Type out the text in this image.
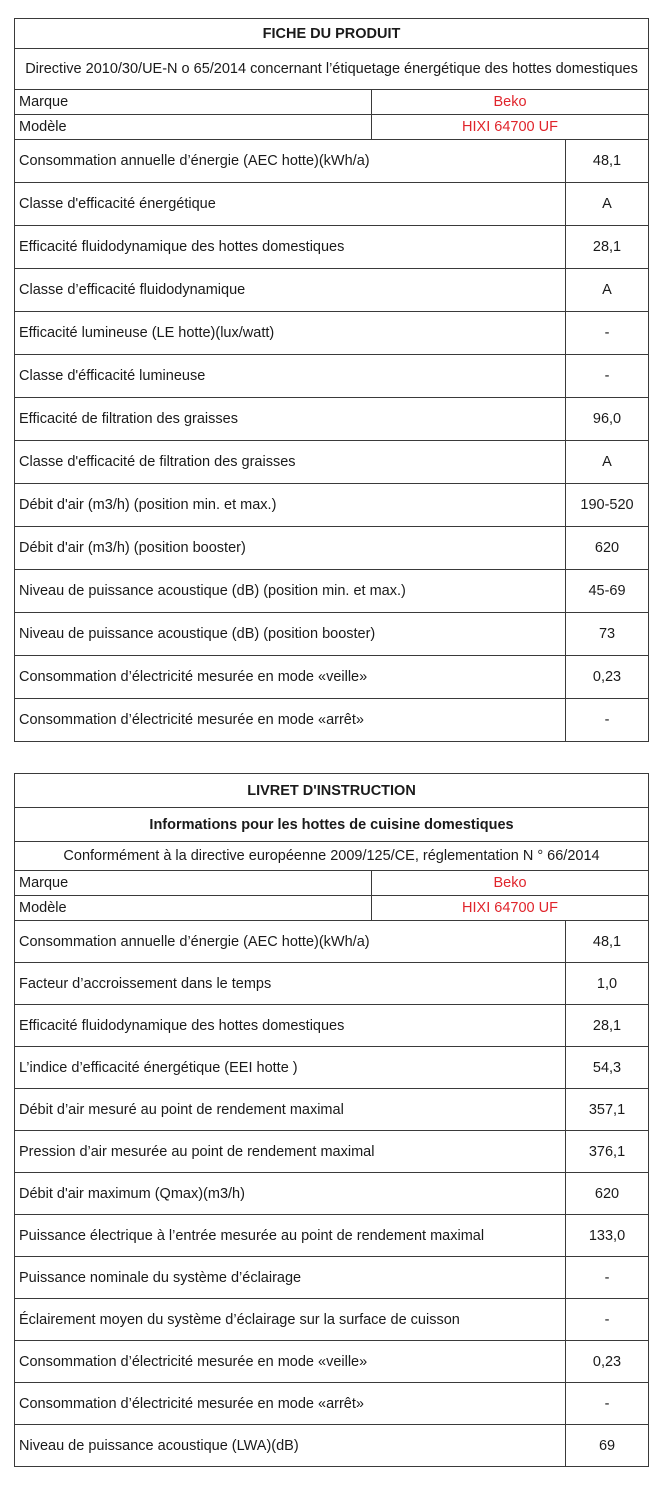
FICHE DU PRODUIT		
Directive 2010/30/UE-N o 65/2014 concernant l’étiquetage énergétique des hottes domestiques		
Marque	Beko	
Modèle	HIXI 64700 UF	
Consommation annuelle d’énergie (AEC hotte)(kWh/a)		48,1
Classe d'efficacité énergétique		A
Efficacité fluidodynamique des hottes domestiques		28,1
Classe d’efficacité fluidodynamique		A
Efficacité lumineuse (LE hotte)(lux/watt)		-
Classe d'éfficacité lumineuse		-
Efficacité de filtration des graisses		96,0
Classe d'efficacité de filtration des graisses		A
Débit d'air (m3/h) (position min. et max.)		190-520
Débit d'air (m3/h) (position booster)		620
Niveau de puissance acoustique (dB) (position min. et max.)		45-69
Niveau de puissance acoustique (dB) (position booster)		73
Consommation d’électricité mesurée en mode «veille»		0,23
Consommation d’électricité mesurée en mode «arrêt»		-
LIVRET D'INSTRUCTION		
Informations pour les hottes de cuisine domestiques		
Conformément à la directive européenne 2009/125/CE, réglementation N ° 66/2014		
Marque	Beko	
Modèle	HIXI 64700 UF	
Consommation annuelle d’énergie (AEC hotte)(kWh/a)		48,1
Facteur d’accroissement dans le temps		1,0
Efficacité fluidodynamique des hottes domestiques		28,1
L’indice d’efficacité énergétique (EEI hotte )		54,3
Débit d’air mesuré au point de rendement maximal		357,1
Pression d’air mesurée au point de rendement maximal		376,1
Débit d'air maximum (Qmax)(m3/h)		620
Puissance électrique à l’entrée mesurée au point de rendement maximal		133,0
Puissance nominale du système d’éclairage		-
Éclairement moyen du système d’éclairage sur la surface de cuisson		-
Consommation d’électricité mesurée en mode «veille»		0,23
Consommation d’électricité mesurée en mode «arrêt»		-
Niveau de puissance acoustique (LWA)(dB)		69
